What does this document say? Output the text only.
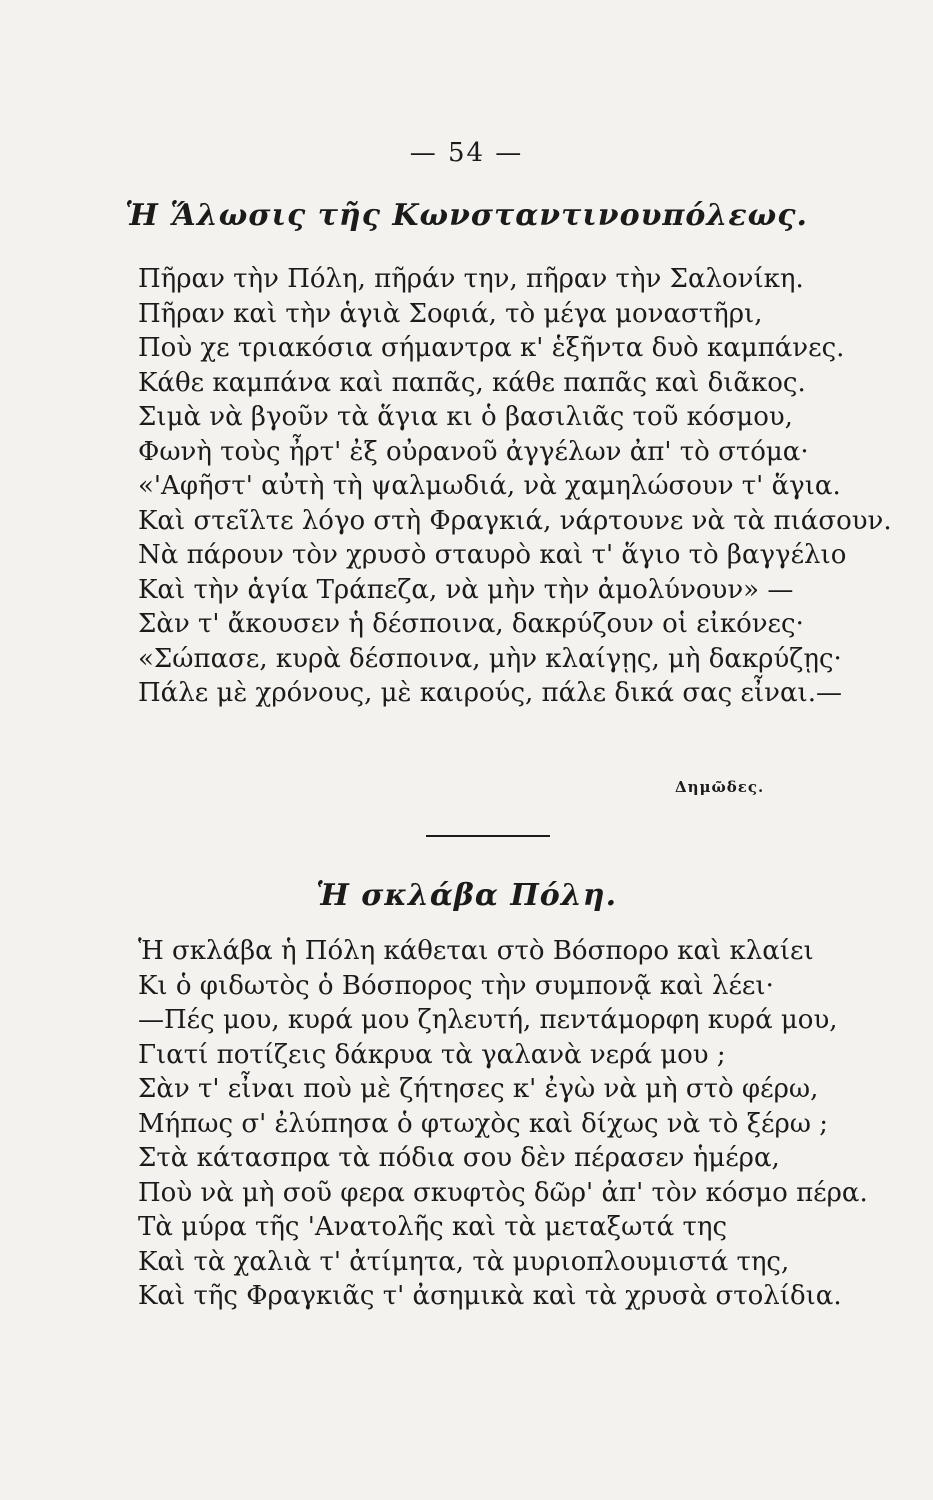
— 54 —
Ἡ Ἅλωσις τῆς Κωνσταντινουπόλεως.
Πῆραν τὴν Πόλη, πῆράν την, πῆραν τὴν Σαλονίκη.
Πῆραν καὶ τὴν ἁγιὰ Σοφιά, τὸ μέγα μοναστῆρι,
Ποὺ χε τριακόσια σήμαντρα κ' ἑξῆντα δυὸ καμπάνες.
Κάθε καμπάνα καὶ παπᾶς, κάθε παπᾶς καὶ διᾶκος.
Σιμὰ νὰ βγοῦν τὰ ἅγια κι ὁ βασιλιᾶς τοῦ κόσμου,
Φωνὴ τοὺς ἦρτ' ἐξ οὐρανοῦ ἀγγέλων ἀπ' τὸ στόμα·
«'Αφῆστ' αὐτὴ τὴ ψαλμωδιά, νὰ χαμηλώσουν τ' ἅγια.
Καὶ στεῖλτε λόγο στὴ Φραγκιά, νάρτουνε νὰ τὰ πιάσουν.
Νὰ πάρουν τὸν χρυσὸ σταυρὸ καὶ τ' ἅγιο τὸ βαγγέλιο
Καὶ τὴν ἁγία Τράπεζα, νὰ μὴν τὴν ἀμολύνουν» —
Σὰν τ' ἄκουσεν ἡ δέσποινα, δακρύζουν οἱ εἰκόνες·
«Σώπασε, κυρὰ δέσποινα, μὴν κλαίγῃς, μὴ δακρύζῃς·
Πάλε μὲ χρόνους, μὲ καιρούς, πάλε δικά σας εἶναι.—
Δημῶδες.
Ἡ σκλάβα Πόλη.
Ἡ σκλάβα ἡ Πόλη κάθεται στὸ Βόσπορο καὶ κλαίει
Κι ὁ φιδωτὸς ὁ Βόσπορος τὴν συμπονᾷ καὶ λέει·
—Πές μου, κυρά μου ζηλευτή, πεντάμορφη κυρά μου,
Γιατί ποτίζεις δάκρυα τὰ γαλανὰ νερά μου ;
Σὰν τ' εἶναι ποὺ μὲ ζήτησες κ' ἐγὼ νὰ μὴ στὸ φέρω,
Μήπως σ' ἐλύπησα ὁ φτωχὸς καὶ δίχως νὰ τὸ ξέρω ;
Στὰ κάτασπρα τὰ πόδια σου δὲν πέρασεν ἡμέρα,
Ποὺ νὰ μὴ σοῦ φερα σκυφτὸς δῶρ' ἀπ' τὸν κόσμο πέρα.
Τὰ μύρα τῆς 'Ανατολῆς καὶ τὰ μεταξωτά της
Καὶ τὰ χαλιὰ τ' ἀτίμητα, τὰ μυριοπλουμιστά της,
Καὶ τῆς Φραγκιᾶς τ' ἀσημικὰ καὶ τὰ χρυσὰ στολίδια.
